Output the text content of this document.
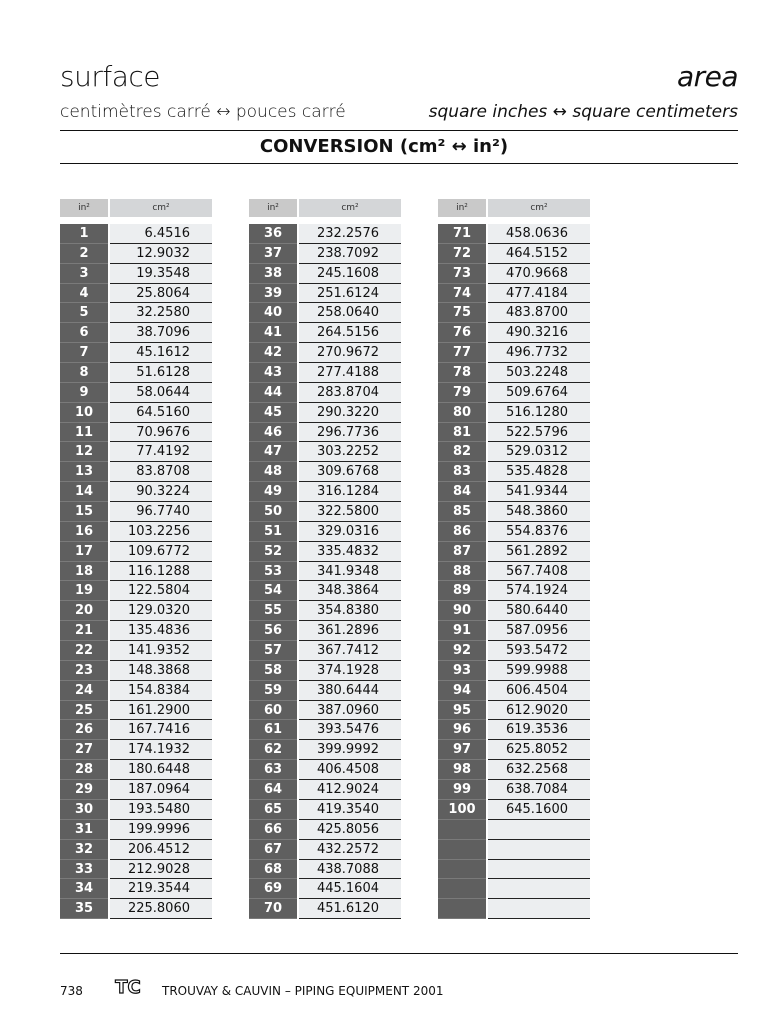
surface	area
centimètres carré ↔ pouces carré	square inches ↔ square centimeters
CONVERSION (cm² ↔ in²)
in²	cm²
1	6.4516
2	12.9032
3	19.3548
4	25.8064
5	32.2580
6	38.7096
7	45.1612
8	51.6128
9	58.0644
10	64.5160
11	70.9676
12	77.4192
13	83.8708
14	90.3224
15	96.7740
16	103.2256
17	109.6772
18	116.1288
19	122.5804
20	129.0320
21	135.4836
22	141.9352
23	148.3868
24	154.8384
25	161.2900
26	167.7416
27	174.1932
28	180.6448
29	187.0964
30	193.5480
31	199.9996
32	206.4512
33	212.9028
34	219.3544
35	225.8060
in²	cm²
36	232.2576
37	238.7092
38	245.1608
39	251.6124
40	258.0640
41	264.5156
42	270.9672
43	277.4188
44	283.8704
45	290.3220
46	296.7736
47	303.2252
48	309.6768
49	316.1284
50	322.5800
51	329.0316
52	335.4832
53	341.9348
54	348.3864
55	354.8380
56	361.2896
57	367.7412
58	374.1928
59	380.6444
60	387.0960
61	393.5476
62	399.9992
63	406.4508
64	412.9024
65	419.3540
66	425.8056
67	432.2572
68	438.7088
69	445.1604
70	451.6120
in²	cm²
71	458.0636
72	464.5152
73	470.9668
74	477.4184
75	483.8700
76	490.3216
77	496.7732
78	503.2248
79	509.6764
80	516.1280
81	522.5796
82	529.0312
83	535.4828
84	541.9344
85	548.3860
86	554.8376
87	561.2892
88	567.7408
89	574.1924
90	580.6440
91	587.0956
92	593.5472
93	599.9988
94	606.4504
95	612.9020
96	619.3536
97	625.8052
98	632.2568
99	638.7084
100	645.1600
738 TC TROUVAY & CAUVIN – PIPING EQUIPMENT 2001
